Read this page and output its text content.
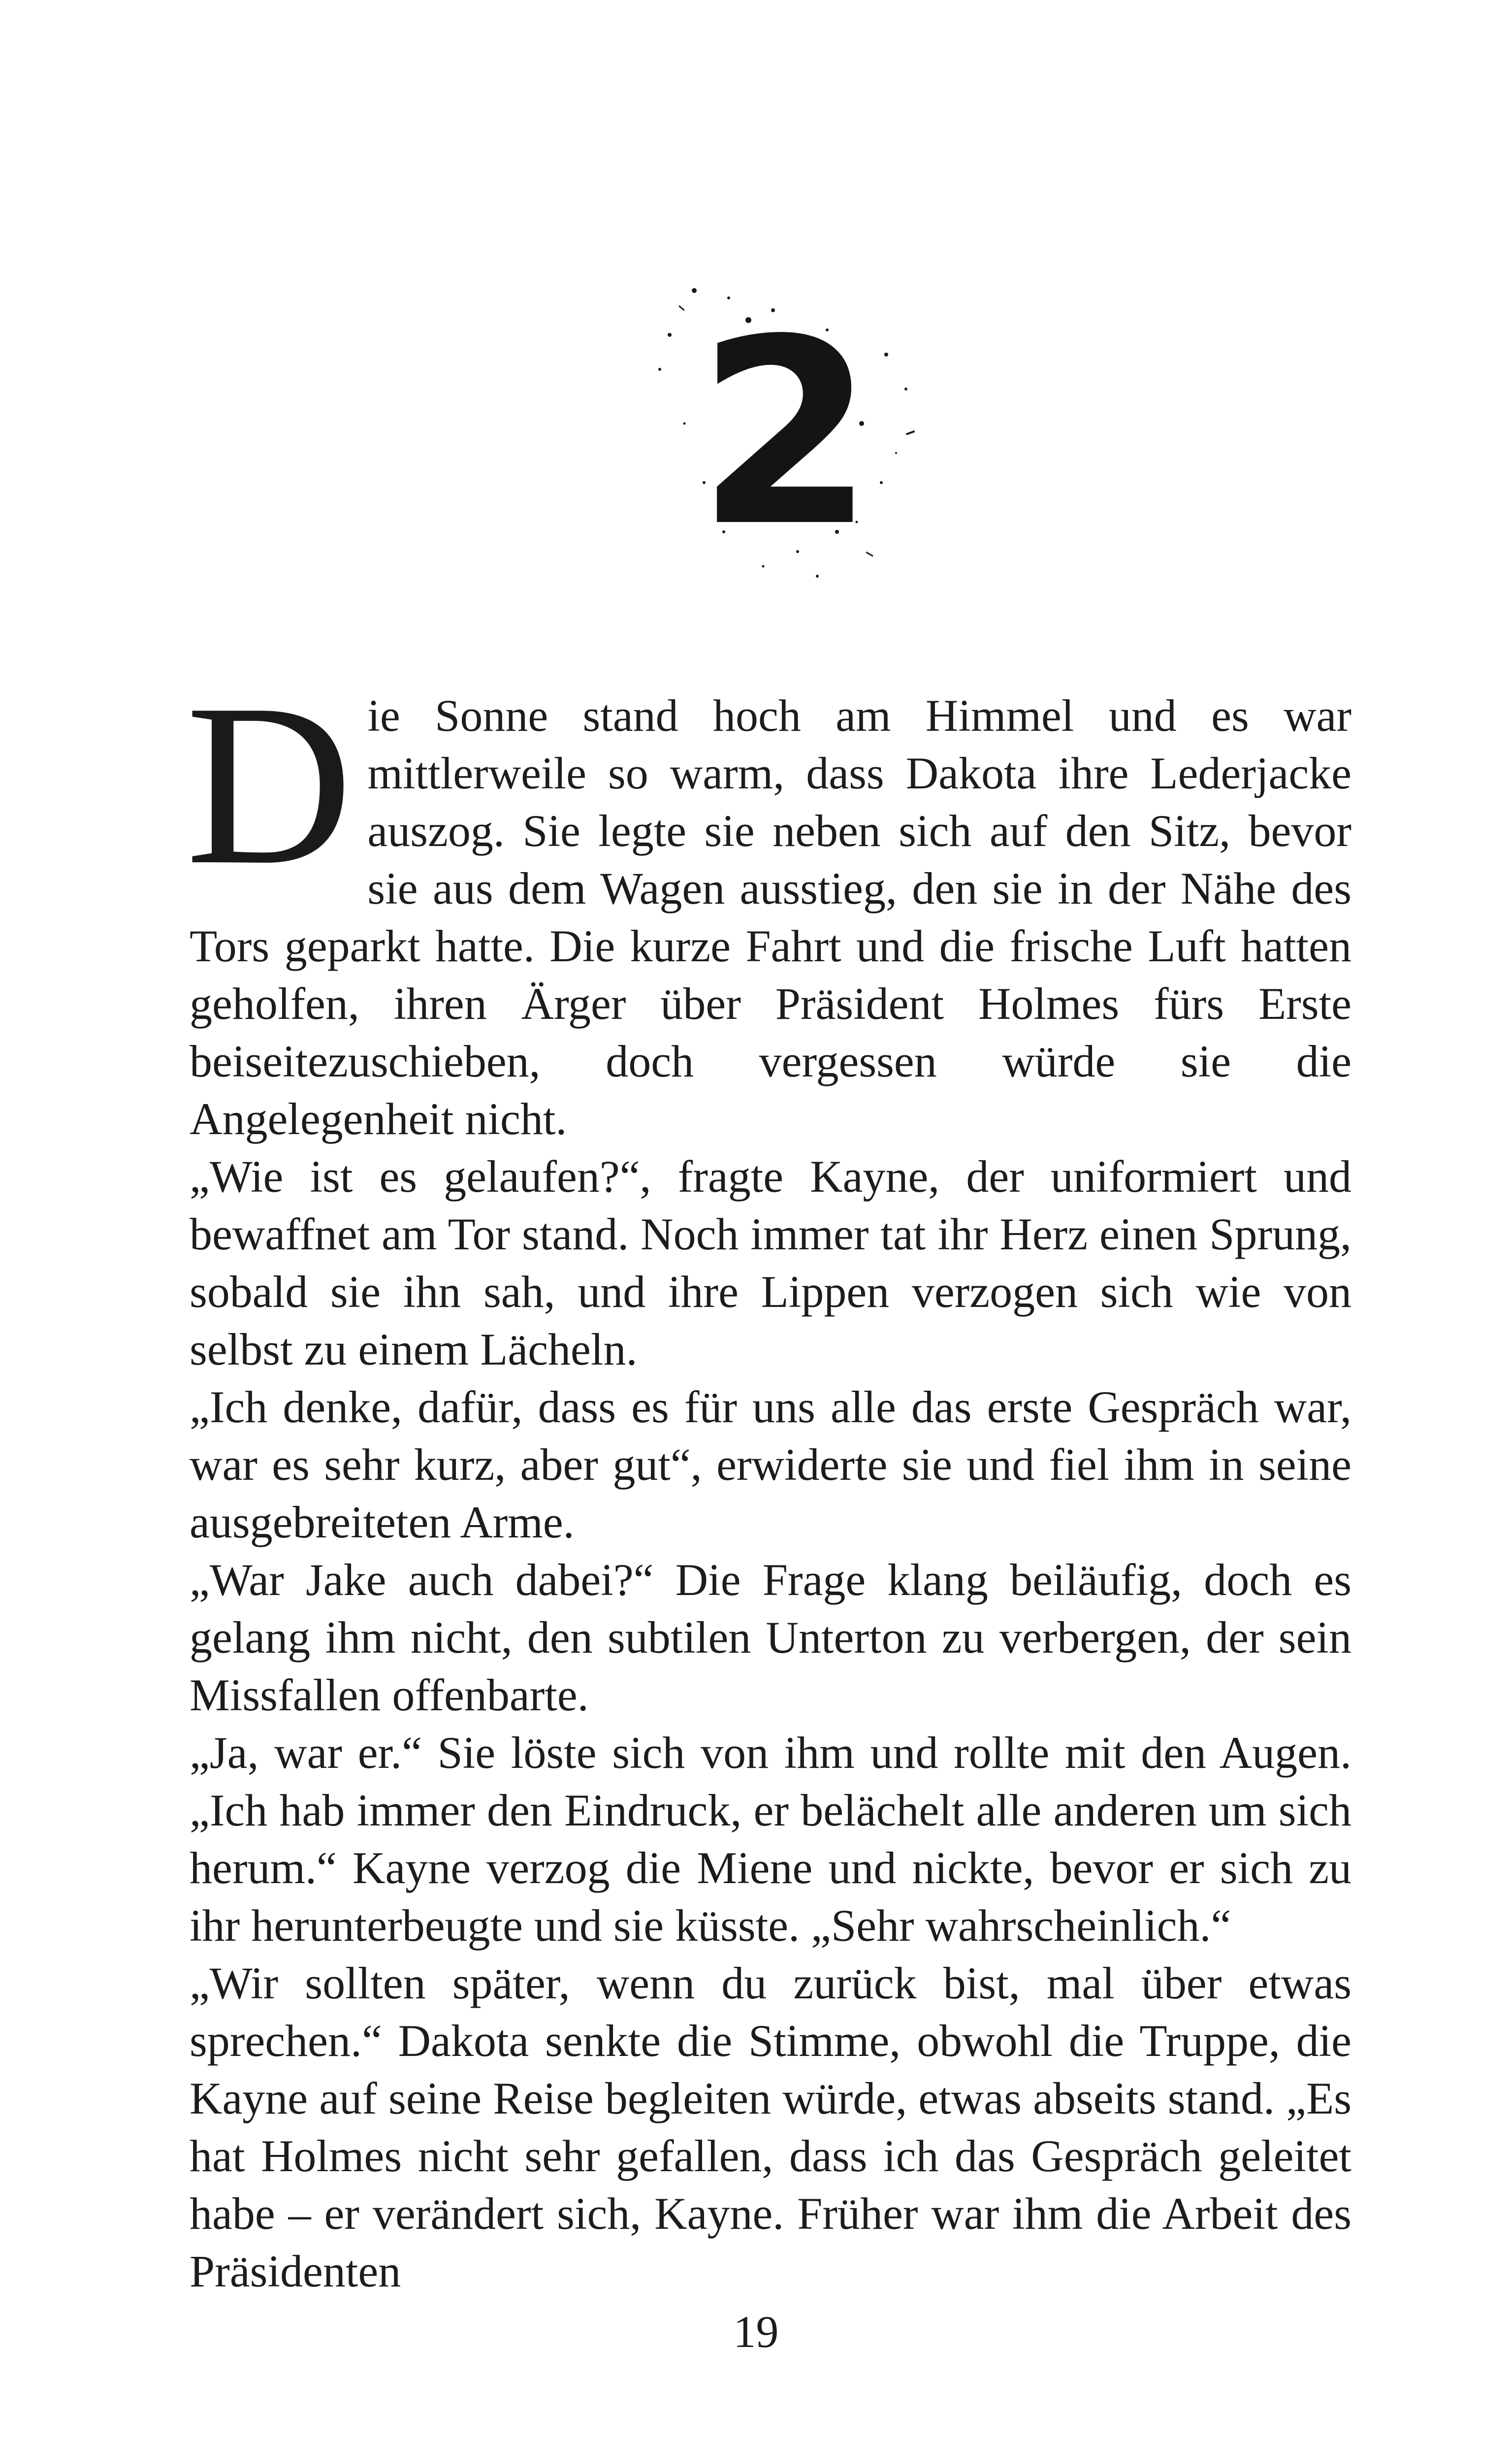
2

Die Sonne stand hoch am Himmel und es war mittlerweile so warm, dass Dakota ihre Lederjacke auszog. Sie legte sie neben sich auf den Sitz, bevor sie aus dem Wagen ausstieg, den sie in der Nähe des Tors geparkt hatte. Die kurze Fahrt und die frische Luft hatten geholfen, ihren Ärger über Präsident Holmes fürs Erste beiseitezuschieben, doch vergessen würde sie die Angelegenheit nicht.

„Wie ist es gelaufen?“, fragte Kayne, der uniformiert und bewaffnet am Tor stand. Noch immer tat ihr Herz einen Sprung, sobald sie ihn sah, und ihre Lippen verzogen sich wie von selbst zu einem Lächeln.

„Ich denke, dafür, dass es für uns alle das erste Gespräch war, war es sehr kurz, aber gut“, erwiderte sie und fiel ihm in seine ausgebreiteten Arme.

„War Jake auch dabei?“ Die Frage klang beiläufig, doch es gelang ihm nicht, den subtilen Unterton zu verbergen, der sein Missfallen offenbarte.

„Ja, war er.“ Sie löste sich von ihm und rollte mit den Augen. „Ich hab immer den Eindruck, er belächelt alle anderen um sich herum.“ Kayne verzog die Miene und nickte, bevor er sich zu ihr herunterbeugte und sie küsste. „Sehr wahrscheinlich.“

„Wir sollten später, wenn du zurück bist, mal über etwas sprechen.“ Dakota senkte die Stimme, obwohl die Truppe, die Kayne auf seine Reise begleiten würde, etwas abseits stand. „Es hat Holmes nicht sehr gefallen, dass ich das Gespräch geleitet habe – er verändert sich, Kayne. Früher war ihm die Arbeit des Präsidenten

19
